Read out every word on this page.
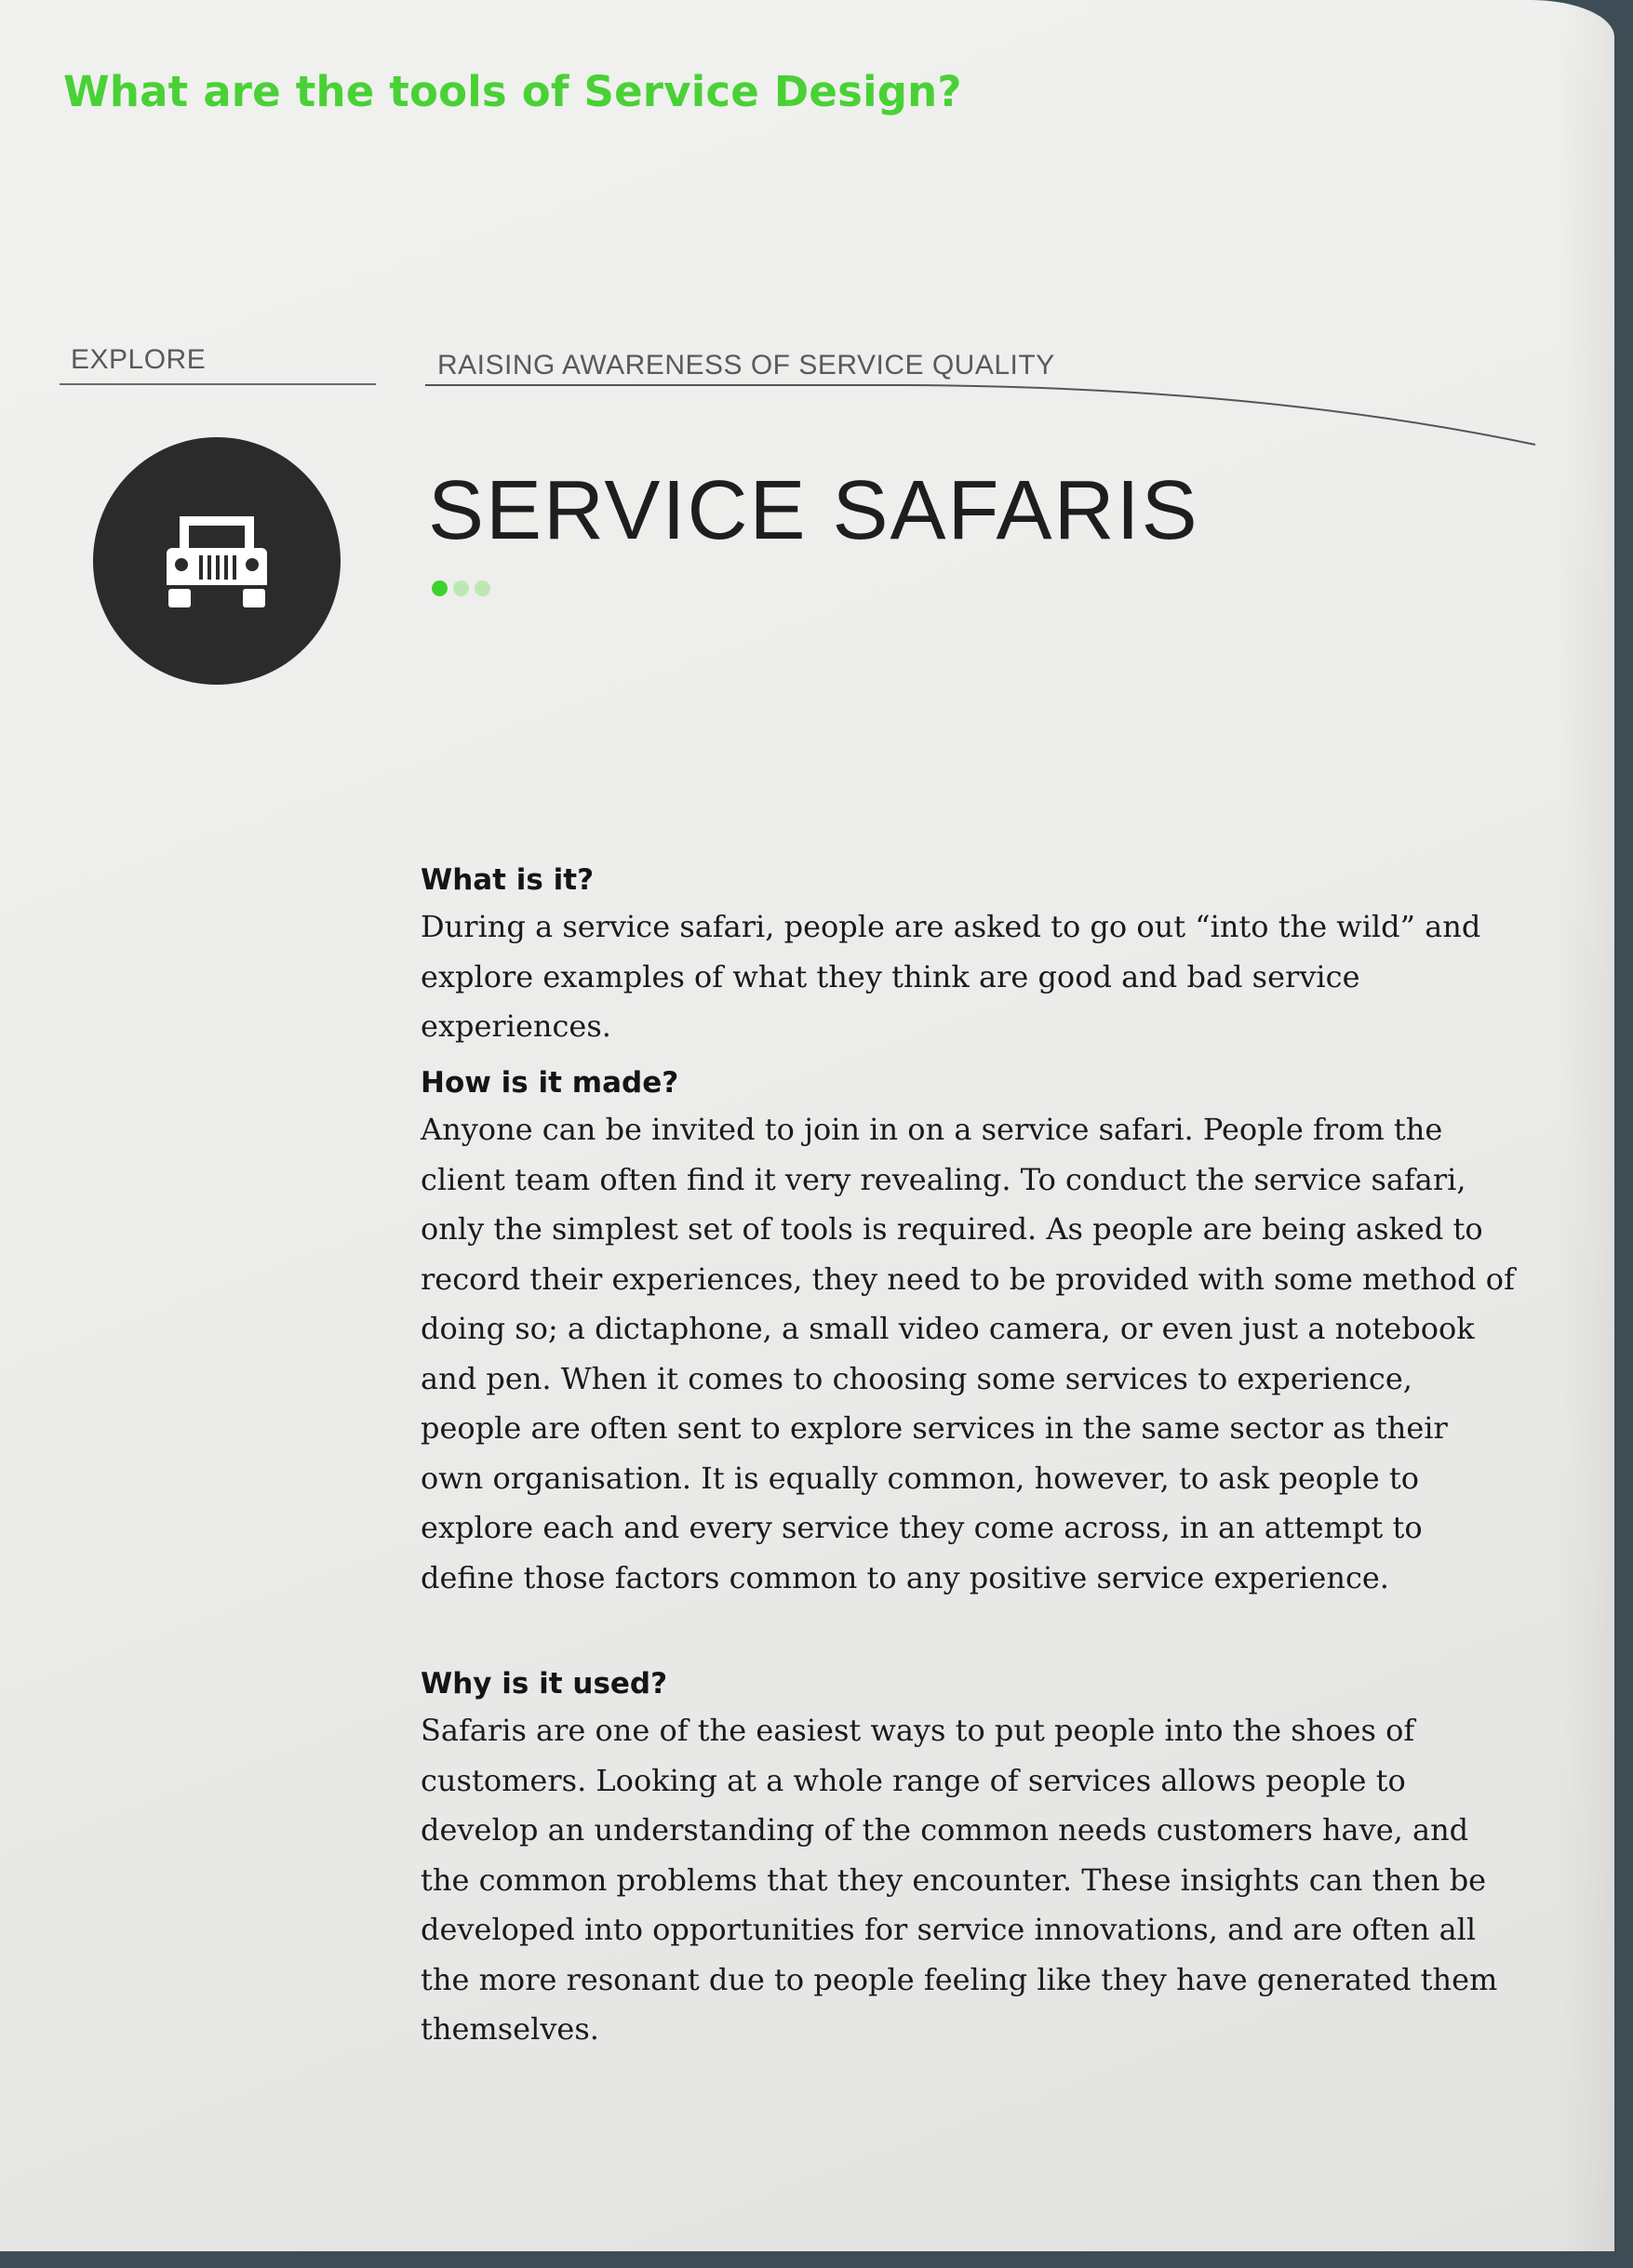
What are the tools of Service Design?
EXPLORE	RAISING AWARENESS OF SERVICE QUALITY
SERVICE SAFARIS
What is it?

During a service safari, people are asked to go out “into the wild” and explore examples of what they think are good and bad service experiences.

How is it made?

Anyone can be invited to join in on a service safari. People from the client team often find it very revealing. To conduct the service safari, only the simplest set of tools is required. As people are being asked to record their experiences, they need to be provided with some method of doing so; a dictaphone, a small video camera, or even just a notebook and pen. When it comes to choosing some services to experience, people are often sent to explore services in the same sector as their own organisation. It is equally common, however, to ask people to explore each and every service they come across, in an attempt to define those factors common to any positive service experience.

Why is it used?

Safaris are one of the easiest ways to put people into the shoes of customers. Looking at a whole range of services allows people to develop an understanding of the common needs customers have, and the common problems that they encounter. These insights can then be developed into opportunities for service innovations, and are often all the more resonant due to people feeling like they have generated them themselves.
